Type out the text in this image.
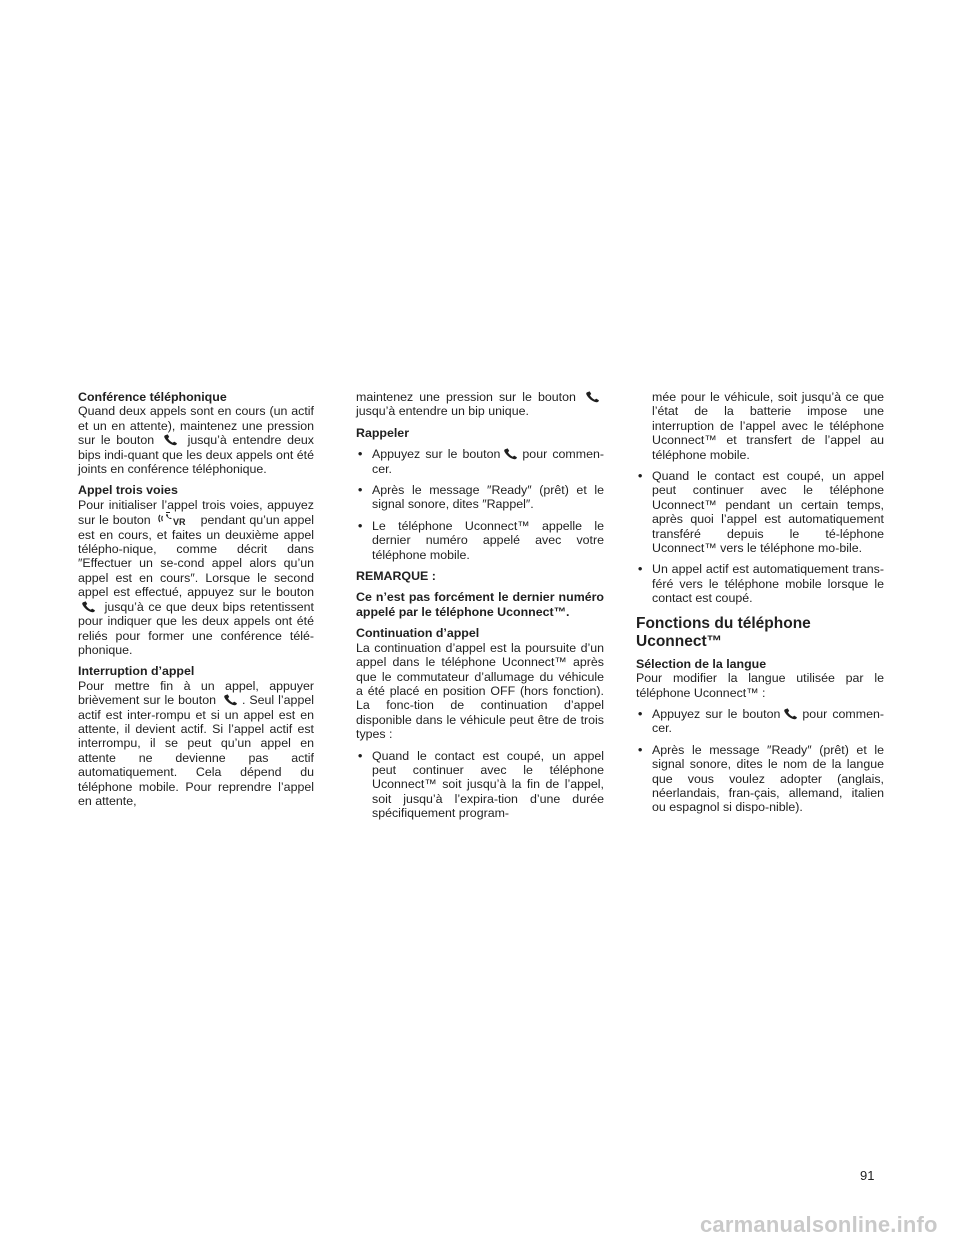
Conférence téléphonique
Quand deux appels sont en cours (un actif et un en attente), maintenez une pression sur le bouton	jusqu’à entendre deux bips indi-quant que les deux appels ont été joints en conférence téléphonique.

Appel trois voies
Pour initialiser l’appel trois voies, appuyez sur le bouton VR pendant qu’un appel est en cours, et faites un deuxième appel télépho-nique, comme décrit dans ″Effectuer un se-cond appel alors qu’un appel est en cours″. Lorsque le second appel est effectué, appuyez sur le bouton  jusqu’à ce que deux bips retentissent pour indiquer que les deux appels ont été reliés pour former une conférence télé-phonique.

Interruption d’appel
Pour mettre fin à un appel, appuyer brièvement sur le bouton . Seul l’appel actif est inter-rompu et si un appel est en attente, il devient actif. Si l’appel actif est interrompu, il se peut qu’un appel en attente ne devienne pas actif automatiquement. Cela dépend du téléphone mobile. Pour reprendre l’appel en attente,

maintenez une pression sur le bouton  jusqu’à entendre un bip unique.

Rappeler

• Appuyez sur le bouton pour commen-cer.
• Après le message ″Ready″ (prêt) et le signal sonore, dites ″Rappel″.
• Le téléphone Uconnect™ appelle le dernier numéro appelé avec votre téléphone mobile.

REMARQUE :

Ce n’est pas forcément le dernier numéro appelé par le téléphone Uconnect™.

Continuation d’appel
La continuation d’appel est la poursuite d’un appel dans le téléphone Uconnect™ après que le commutateur d’allumage du véhicule a été placé en position OFF (hors fonction). La fonc-tion de continuation d’appel disponible dans le véhicule peut être de trois types :

• Quand le contact est coupé, un appel peut continuer avec le téléphone Uconnect™ soit jusqu’à la fin de l’appel, soit jusqu’à l’expira-tion d’une durée spécifiquement program-
mée pour le véhicule, soit jusqu’à ce que l’état de la batterie impose une interruption de l’appel avec le téléphone Uconnect™ et transfert de l’appel au téléphone mobile.
• Quand le contact est coupé, un appel peut continuer avec le téléphone Uconnect™ pendant un certain temps, après quoi l’appel est automatiquement transféré depuis le té-léphone Uconnect™ vers le téléphone mo-bile.
• Un appel actif est automatiquement trans-féré vers le téléphone mobile lorsque le contact est coupé.
Fonctions du téléphone Uconnect™

Sélection de la langue
Pour modifier la langue utilisée par le téléphone Uconnect™ :

• Appuyez sur le bouton pour commen-cer.
• Après le message ″Ready″ (prêt) et le signal sonore, dites le nom de la langue que vous voulez adopter (anglais, néerlandais, fran-çais, allemand, italien ou espagnol si dispo-nible).
91
carmanualsonline.info
